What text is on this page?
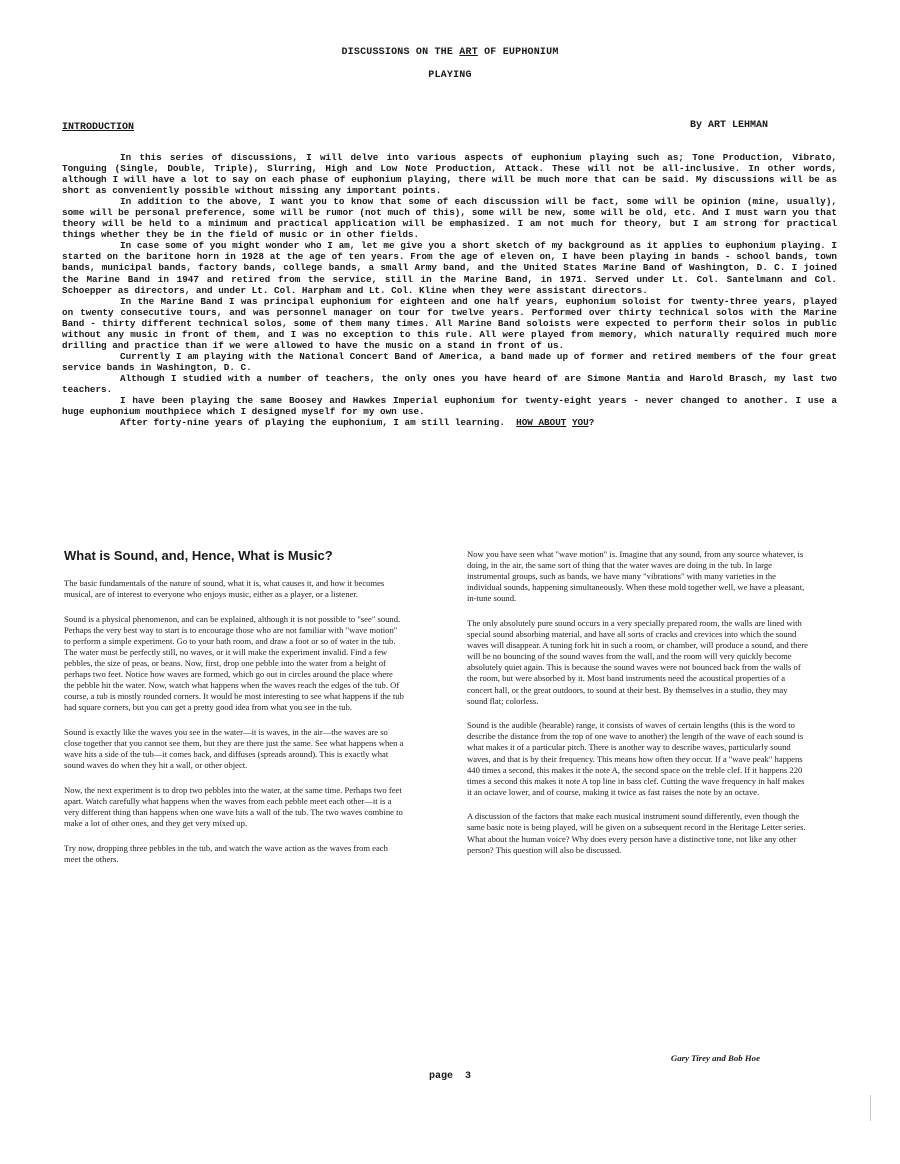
DISCUSSIONS ON THE ART OF EUPHONIUM
PLAYING
INTRODUCTION	By ART LEHMAN

In this series of discussions, I will delve into various aspects of euphonium playing such as; Tone Production, Vibrato, Tonguing (Single, Double, Triple), Slurring, High and Low Note Production, Attack. These will not be all-inclusive. In other words, although I will have a lot to say on each phase of euphonium playing, there will be much more that can be said. My discussions will be as short as conveniently possible without missing any important points.

In addition to the above, I want you to know that some of each discussion will be fact, some will be opinion (mine, usually), some will be personal preference, some will be rumor (not much of this), some will be new, some will be old, etc. And I must warn you that theory will be held to a minimum and practical application will be emphasized. I am not much for theory, but I am strong for practical things whether they be in the field of music or in other fields.

In case some of you might wonder who I am, let me give you a short sketch of my background as it applies to euphonium playing. I started on the baritone horn in 1928 at the age of ten years. From the age of eleven on, I have been playing in bands - school bands, town bands, municipal bands, factory bands, college bands, a small Army band, and the United States Marine Band of Washington, D. C. I joined the Marine Band in 1947 and retired from the service, still in the Marine Band, in 1971. Served under Lt. Col. Santelmann and Col. Schoepper as directors, and under Lt. Col. Harpham and Lt. Col. Kline when they were assistant directors.

In the Marine Band I was principal euphonium for eighteen and one half years, euphonium soloist for twenty-three years, played on twenty consecutive tours, and was personnel manager on tour for twelve years. Performed over thirty technical solos with the Marine Band - thirty different technical solos, some of them many times. All Marine Band soloists were expected to perform their solos in public without any music in front of them, and I was no exception to this rule. All were played from memory, which naturally required much more drilling and practice than if we were allowed to have the music on a stand in front of us.

Currently I am playing with the National Concert Band of America, a band made up of former and retired members of the four great service bands in Washington, D. C.

Although I studied with a number of teachers, the only ones you have heard of are Simone Mantia and Harold Brasch, my last two teachers.

I have been playing the same Boosey and Hawkes Imperial euphonium for twenty-eight years - never changed to another. I use a huge euphonium mouthpiece which I designed myself for my own use.

After forty-nine years of playing the euphonium, I am still learning. HOW ABOUT YOU?

What is Sound, and, Hence, What is Music?

The basic fundamentals of the nature of sound, what it is, what causes it, and how it becomes musical, are of interest to everyone who enjoys music, either as a player, or a listener.

Sound is a physical phenomenon, and can be explained, although it is not possible to "see" sound. Perhaps the very best way to start is to encourage those who are not familiar with "wave motion" to perform a simple experiment. Go to your bath room, and draw a foot or so of water in the tub. The water must be perfectly still, no waves, or it will make the experiment invalid. Find a few pebbles, the size of peas, or beans. Now, first, drop one pebble into the water from a height of perhaps two feet. Notice how waves are formed, which go out in circles around the place where the pebble hit the water. Now, watch what happens when the waves reach the edges of the tub. Of course, a tub is mostly rounded corners. It would be most interesting to see what happens if the tub had square corners, but you can get a pretty good idea from what you see in the tub.

Sound is exactly like the waves you see in the water—it is waves, in the air—the waves are so close together that you cannot see them, but they are there just the same. See what happens when a wave hits a side of the tub—it comes back, and diffuses (spreads around). This is exactly what sound waves do when they hit a wall, or other object.

Now, the next experiment is to drop two pebbles into the water, at the same time. Perhaps two feet apart. Watch carefully what happens when the waves from each pebble meet each other—it is a very different thing than happens when one wave hits a wall of the tub. The two waves combine to make a lot of other ones, and they get very mixed up.

Try now, dropping three pebbles in the tub, and watch the wave action as the waves from each meet the others.

Now you have seen what "wave motion" is. Imagine that any sound, from any source whatever, is doing, in the air, the same sort of thing that the water waves are doing in the tub. In large instrumental groups, such as bands, we have many "vibrations" with many varieties in the individual sounds, happening simultaneously. When these mold together well, we have a pleasant, in-tune sound.

The only absolutely pure sound occurs in a very specially prepared room, the walls are lined with special sound absorbing material, and have all sorts of cracks and crevices into which the sound waves will disappear. A tuning fork hit in such a room, or chamber, will produce a sound, and there will be no bouncing of the sound waves from the wall, and the room will very quickly become absolutely quiet again. This is because the sound waves were not bounced back from the walls of the room, but were absorbed by it. Most band instruments need the acoustical properties of a concert hall, or the great outdoors, to sound at their best. By themselves in a studio, they may sound flat; colorless.

Sound is the audible (hearable) range, it consists of waves of certain lengths (this is the word to describe the distance from the top of one wave to another) the length of the wave of each sound is what makes it of a particular pitch. There is another way to describe waves, particularly sound waves, and that is by their frequency. This means how often they occur. If a "wave peak" happens 440 times a second, this makes it the note A, the second space on the treble clef. If it happens 220 times a second this makes it note A top line in bass clef. Cutting the wave frequency in half makes it an octave lower, and of course, making it twice as fast raises the note by an octave.

A discussion of the factors that make each musical instrument sound differently, even though the same basic note is being played, will be given on a subsequent record in the Heritage Letter series. What about the human voice? Why does every person have a distinctive tone, not like any other person? This question will also be discussed.

Gary Tirey and Bob Hoe
page  3
